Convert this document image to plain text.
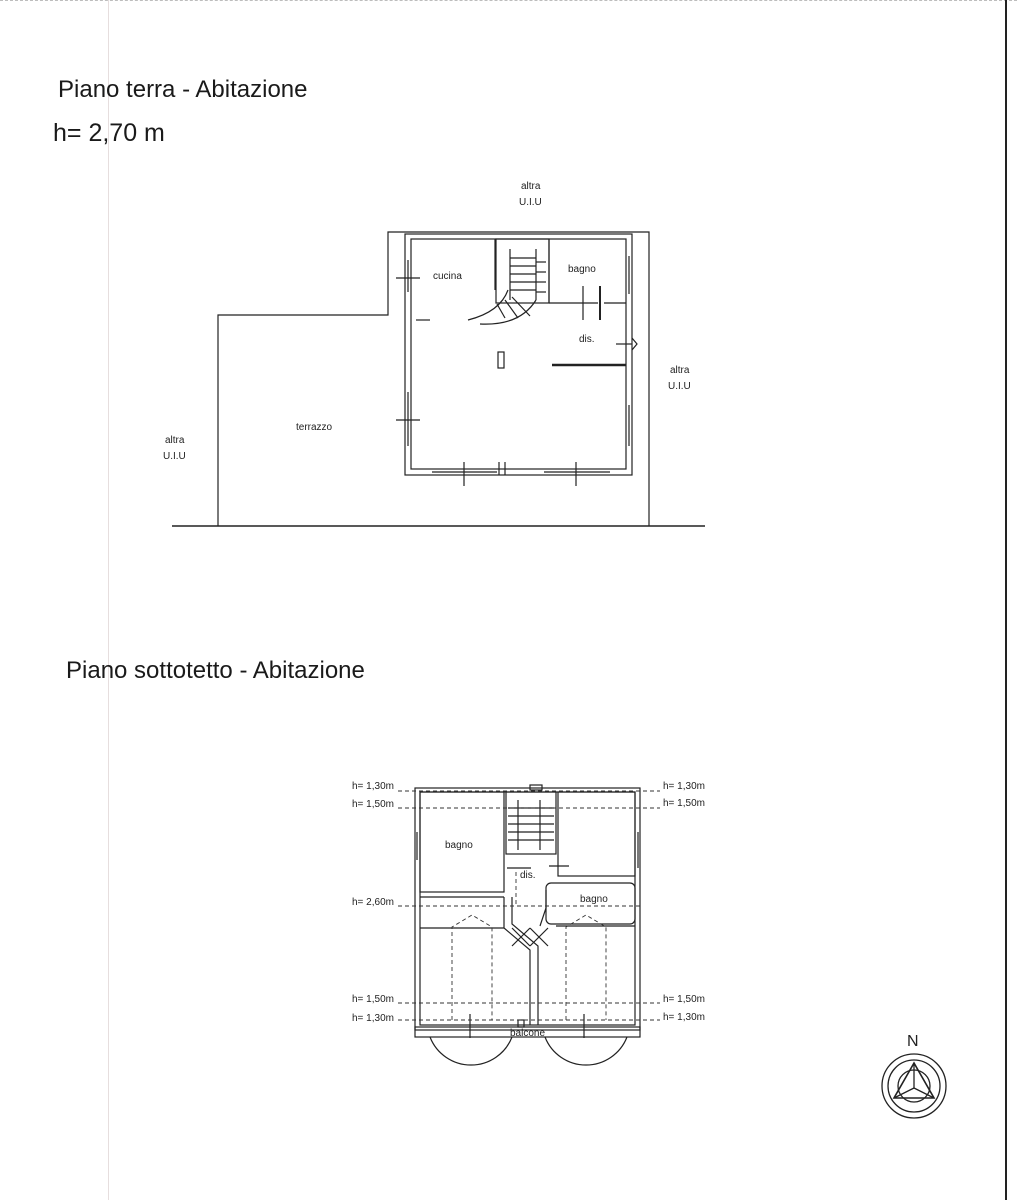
Piano terra - Abitazione
h= 2,70 m
Piano sottotetto - Abitazione
cucina
bagno
dis.
terrazzo
altra
U.I.U
altra
U.I.U
altra
U.I.U
h= 1,30m
h= 1,50m
h= 2,60m
h= 1,50m
h= 1,30m
h= 1,30m
h= 1,50m
h= 1,50m
h= 1,30m
bagno
dis.
bagno
balcone	N
